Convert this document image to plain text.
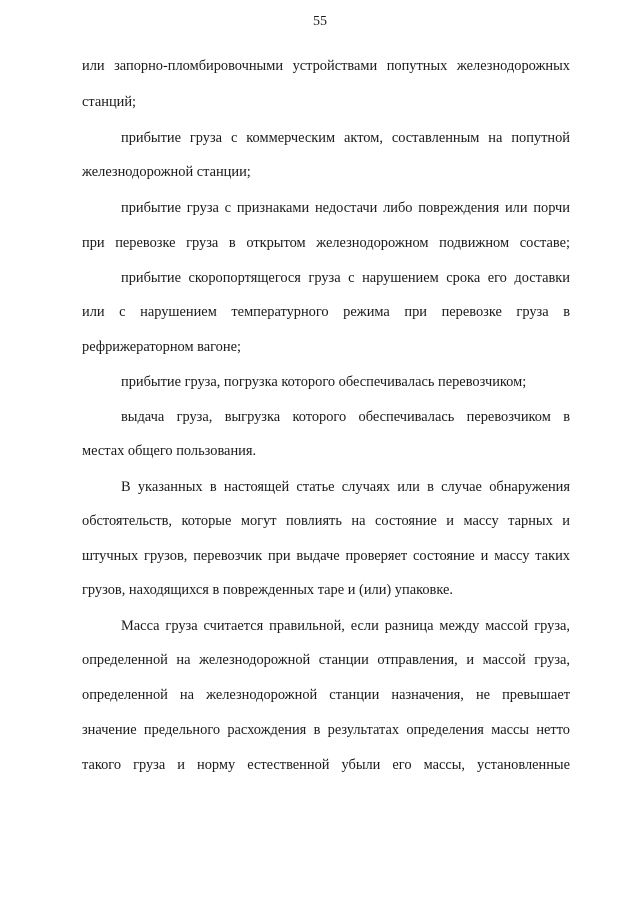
55
или запорно-пломбировочными устройствами попутных железнодорожных
станций;
прибытие груза с коммерческим актом, составленным на попутной
железнодорожной станции;
прибытие груза с признаками недостачи либо повреждения или порчи
при перевозке груза в открытом железнодорожном подвижном составе;
прибытие скоропортящегося груза с нарушением срока его доставки
или с нарушением температурного режима при перевозке груза в
рефрижераторном вагоне;
прибытие груза, погрузка которого обеспечивалась перевозчиком;
выдача груза, выгрузка которого обеспечивалась перевозчиком в
местах общего пользования.
В указанных в настоящей статье случаях или в случае обнаружения
обстоятельств, которые могут повлиять на состояние и массу тарных и
штучных грузов, перевозчик при выдаче проверяет состояние и массу таких
грузов, находящихся в поврежденных таре и (или) упаковке.
Масса груза считается правильной, если разница между массой груза,
определенной на железнодорожной станции отправления, и массой груза,
определенной на железнодорожной станции назначения, не превышает
значение предельного расхождения в результатах определения массы нетто
такого груза и норму естественной убыли его массы, установленные
